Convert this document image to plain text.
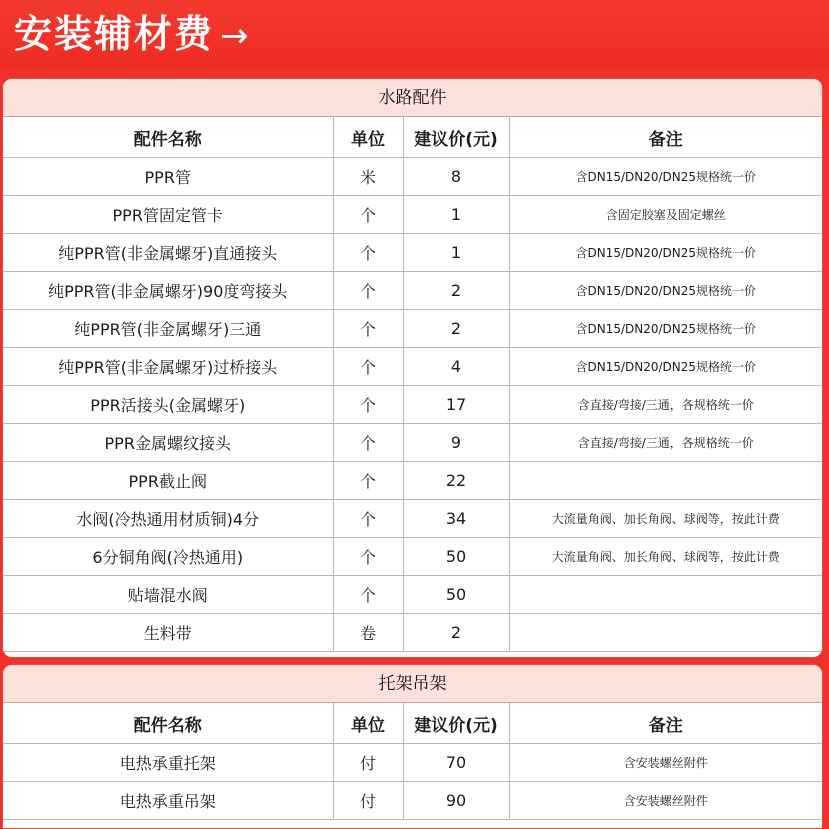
安装辅材费 →
水路配件
配件名称	单位	建议价(元)	备注
PPR管	米	8	含DN15/DN20/DN25规格统一价
PPR管固定管卡	个	1	含固定胶塞及固定螺丝
纯PPR管(非金属螺牙)直通接头	个	1	含DN15/DN20/DN25规格统一价
纯PPR管(非金属螺牙)90度弯接头	个	2	含DN15/DN20/DN25规格统一价
纯PPR管(非金属螺牙)三通	个	2	含DN15/DN20/DN25规格统一价
纯PPR管(非金属螺牙)过桥接头	个	4	含DN15/DN20/DN25规格统一价
PPR活接头(金属螺牙)	个	17	含直接/弯接/三通，各规格统一价
PPR金属螺纹接头	个	9	含直接/弯接/三通，各规格统一价
PPR截止阀	个	22	
水阀(冷热通用材质铜)4分	个	34	大流量角阀、加长角阀、球阀等，按此计费
6分铜角阀(冷热通用)	个	50	大流量角阀、加长角阀、球阀等，按此计费
贴墙混水阀	个	50	
生料带	卷	2	
托架吊架
配件名称	单位	建议价(元)	备注
电热承重托架	付	70	含安装螺丝附件
电热承重吊架	付	90	含安装螺丝附件
